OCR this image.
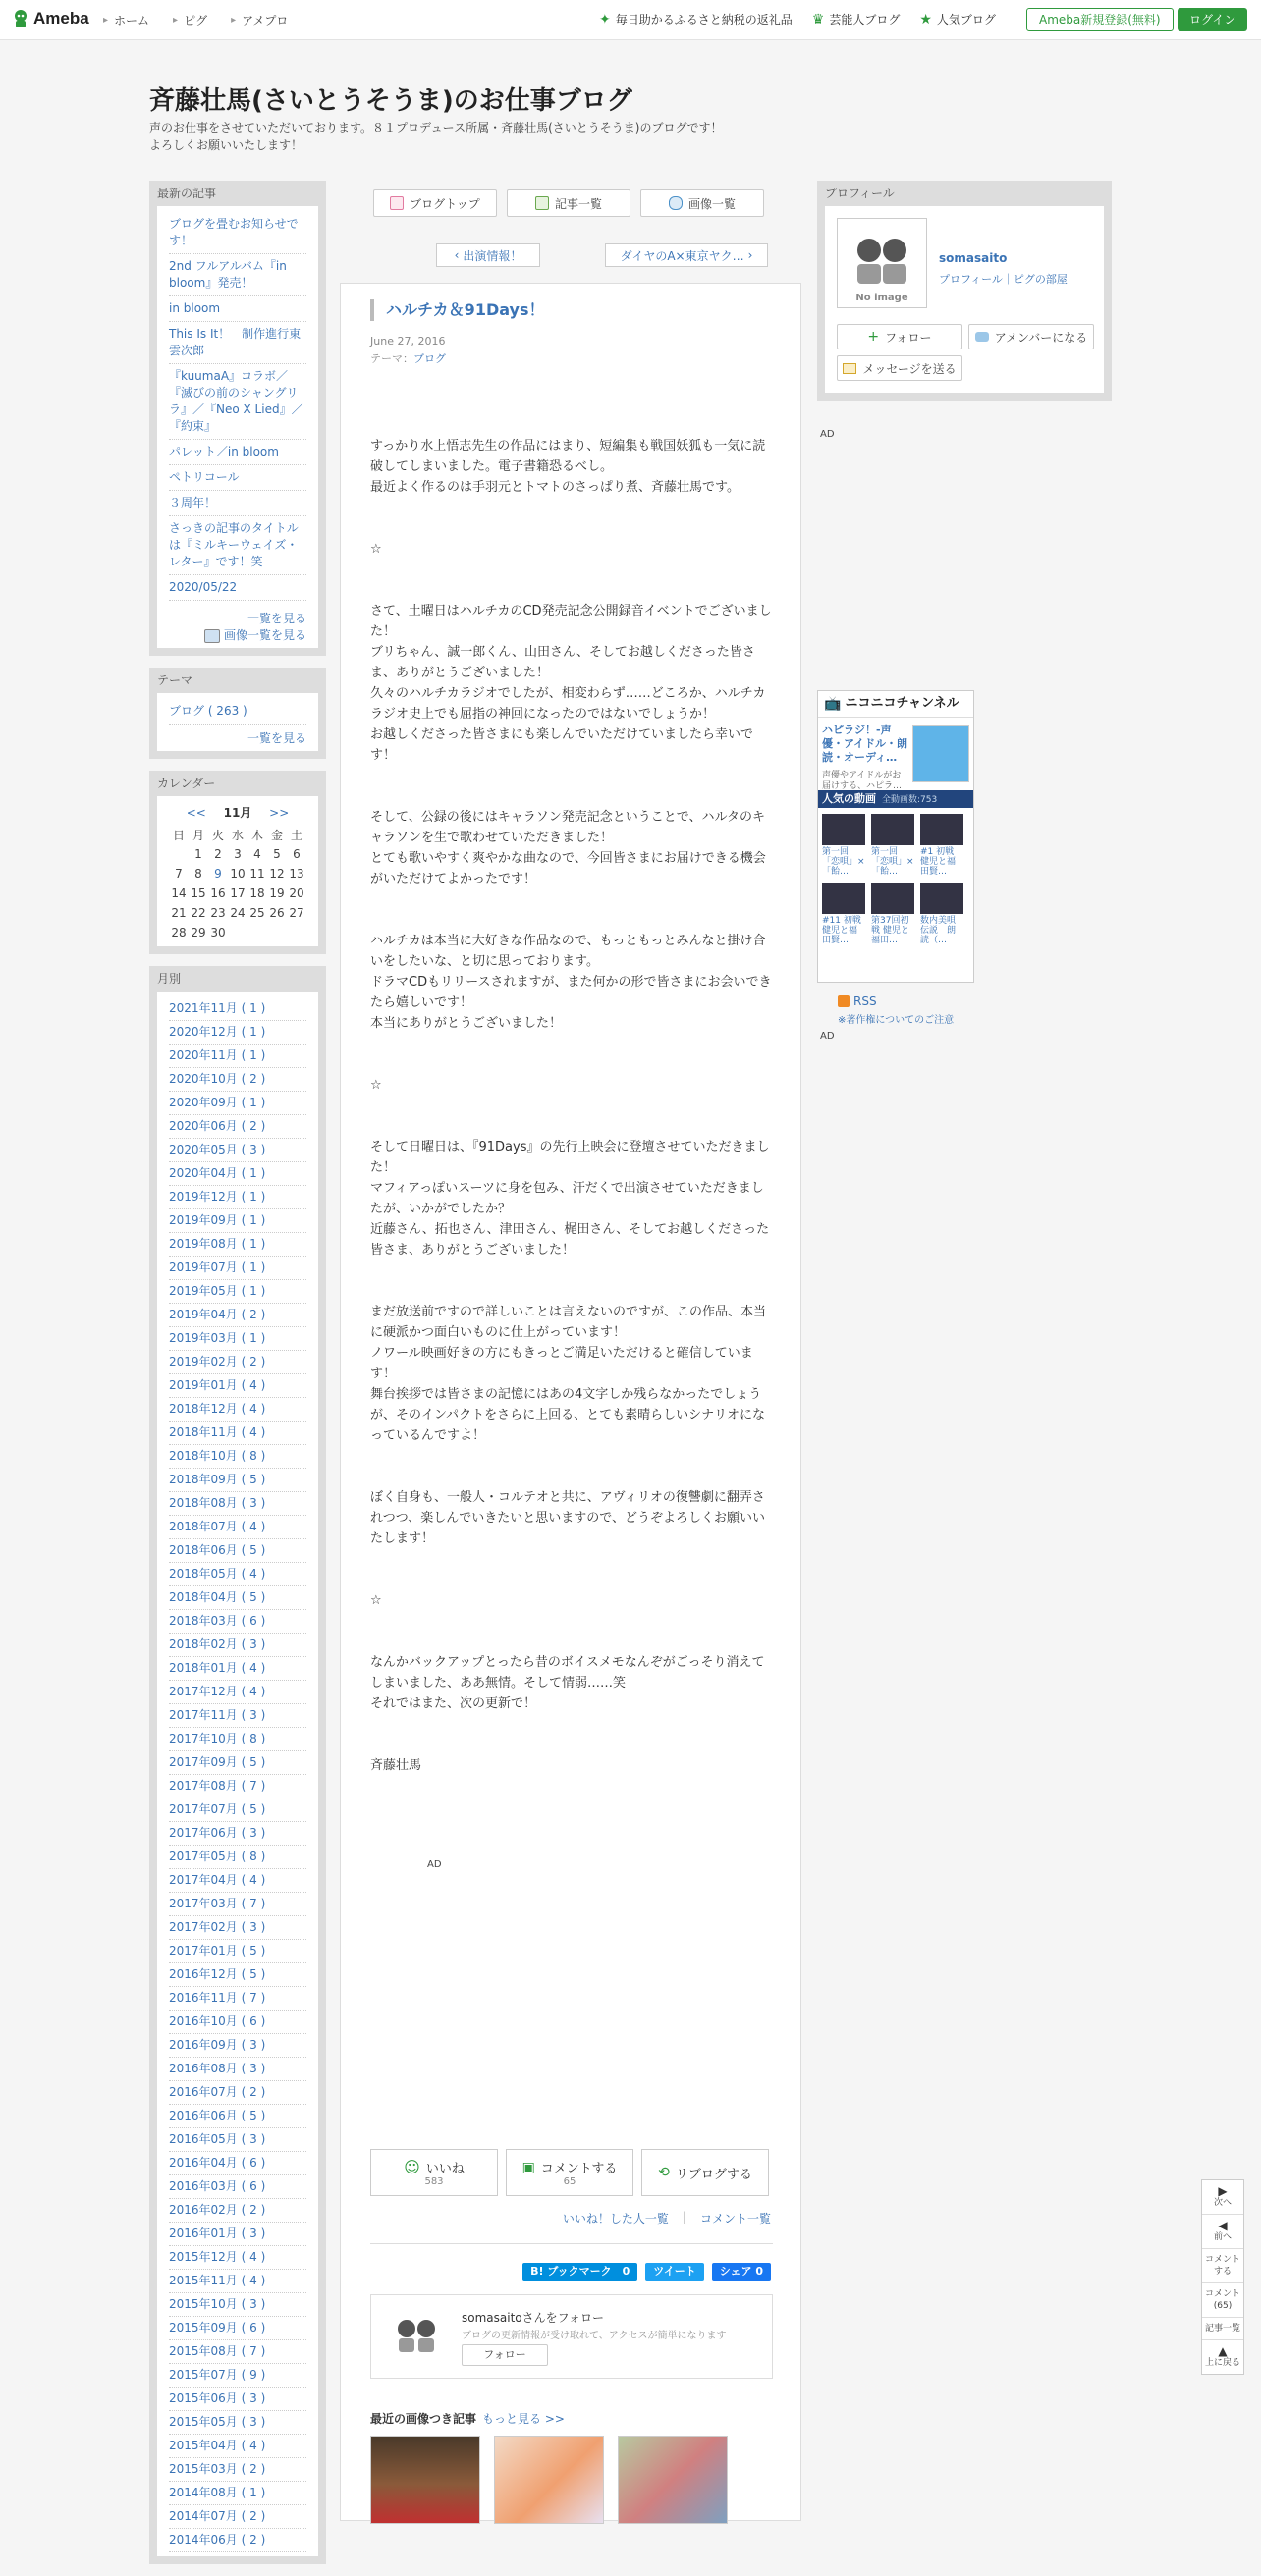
Ameba ▸ ホーム ▸ ピグ ▸ アメプロ	✦ 毎日助かるふるさと納税の返礼品 ♛ 芸能人ブログ ★ 人気ブログ	Ameba新規登録(無料)	ログイン
斉藤壮馬(さいとうそうま)のお仕事ブログ
声のお仕事をさせていただいております。８１プロデュース所属・斉藤壮馬(さいとうそうま)のブログです！
よろしくお願いいたします！
最新の記事
ブログを畳むお知らせです！
2nd フルアルバム『in bloom』発売！
in bloom
This Is It！　制作進行東雲次郎
『kuumaA』コラボ／『滅びの前のシャングリラ』／『Neo X Lied』／『約束』
パレット／in bloom
ペトリコール
３周年！
さっきの記事のタイトルは『ミルキーウェイズ・レター』です！笑
2020/05/22
一覧を見る
画像一覧を見る
テーマ
ブログ ( 263 )
一覧を見る
カレンダー
<< 11月 >>
日	月	火	水	木	金	土
	1	2	3	4	5	6
7	8	9	10	11	12	13
14	15	16	17	18	19	20
21	22	23	24	25	26	27
28	29	30				
月別
2021年11月 ( 1 )
2020年12月 ( 1 )
2020年11月 ( 1 )
2020年10月 ( 2 )
2020年09月 ( 1 )
2020年06月 ( 2 )
2020年05月 ( 3 )
2020年04月 ( 1 )
2019年12月 ( 1 )
2019年09月 ( 1 )
2019年08月 ( 1 )
2019年07月 ( 1 )
2019年05月 ( 1 )
2019年04月 ( 2 )
2019年03月 ( 1 )
2019年02月 ( 2 )
2019年01月 ( 4 )
2018年12月 ( 4 )
2018年11月 ( 4 )
2018年10月 ( 8 )
2018年09月 ( 5 )
2018年08月 ( 3 )
2018年07月 ( 4 )
2018年06月 ( 5 )
2018年05月 ( 4 )
2018年04月 ( 5 )
2018年03月 ( 6 )
2018年02月 ( 3 )
2018年01月 ( 4 )
2017年12月 ( 4 )
2017年11月 ( 3 )
2017年10月 ( 8 )
2017年09月 ( 5 )
2017年08月 ( 7 )
2017年07月 ( 5 )
2017年06月 ( 3 )
2017年05月 ( 8 )
2017年04月 ( 4 )
2017年03月 ( 7 )
2017年02月 ( 3 )
2017年01月 ( 5 )
2016年12月 ( 5 )
2016年11月 ( 7 )
2016年10月 ( 6 )
2016年09月 ( 3 )
2016年08月 ( 3 )
2016年07月 ( 2 )
2016年06月 ( 5 )
2016年05月 ( 3 )
2016年04月 ( 6 )
2016年03月 ( 6 )
2016年02月 ( 2 )
2016年01月 ( 3 )
2015年12月 ( 4 )
2015年11月 ( 4 )
2015年10月 ( 3 )
2015年09月 ( 6 )
2015年08月 ( 7 )
2015年07月 ( 9 )
2015年06月 ( 3 )
2015年05月 ( 3 )
2015年04月 ( 4 )
2015年03月 ( 2 )
2014年08月 ( 1 )
2014年07月 ( 2 )
2014年06月 ( 2 )
ブログトップ	記事一覧	画像一覧
‹ 出演情報！	ダイヤのA×東京ヤク… ›
ハルチカ＆91Days！
June 27, 2016
テーマ：ブログ

すっかり水上悟志先生の作品にはまり、短編集も戦国妖狐も一気に読破してしまいました。電子書籍恐るべし。
最近よく作るのは手羽元とトマトのさっぱり煮、斉藤壮馬です。

☆

さて、土曜日はハルチカのCD発売記念公開録音イベントでございました！
ブリちゃん、誠一郎くん、山田さん、そしてお越しくださった皆さま、ありがとうございました！
久々のハルチカラジオでしたが、相変わらず……どころか、ハルチカラジオ史上でも屈指の神回になったのではないでしょうか！
お越しくださった皆さまにも楽しんでいただけていましたら幸いです！

そして、公録の後にはキャラソン発売記念ということで、ハルタのキャラソンを生で歌わせていただきました！
とても歌いやすく爽やかな曲なので、今回皆さまにお届けできる機会がいただけてよかったです！

ハルチカは本当に大好きな作品なので、もっともっとみんなと掛け合いをしたいな、と切に思っております。
ドラマCDもリリースされますが、また何かの形で皆さまにお会いできたら嬉しいです！
本当にありがとうございました！

☆

そして日曜日は、『91Days』の先行上映会に登壇させていただきました！
マフィアっぽいスーツに身を包み、汗だくで出演させていただきましたが、いかがでしたか？
近藤さん、拓也さん、津田さん、梶田さん、そしてお越しくださった皆さま、ありがとうございました！

まだ放送前ですので詳しいことは言えないのですが、この作品、本当に硬派かつ面白いものに仕上がっています！
ノワール映画好きの方にもきっとご満足いただけると確信しています！
舞台挨拶では皆さまの記憶にはあの4文字しか残らなかったでしょうが、そのインパクトをさらに上回る、とても素晴らしいシナリオになっているんですよ！

ぼく自身も、一般人・コルテオと共に、アヴィリオの復讐劇に翻弄されつつ、楽しんでいきたいと思いますので、どうぞよろしくお願いいたします！

☆

なんかバックアップとったら昔のボイスメモなんぞがごっそり消えてしまいました、ああ無情。そして情弱……笑
それではまた、次の更新で！

斉藤壮馬

AD
☺ いいね
583
▣ コメントする
65
⟲ リブログする
いいね！した人一覧 | コメント一覧
B! ブックマーク　0	ツイート	シェア 0
somasaitoさんをフォロー
ブログの更新情報が受け取れて、アクセスが簡単になります
フォロー
最近の画像つき記事 もっと見る >>
プロフィール
No image
somasaito
プロフィール｜ピグの部屋
+ フォロー	アメンバーになる
メッセージを送る
AD
📺 ニコニコチャンネル
ハピラジ！-声優・アイドル・朗読・オーディ…
声優やアイドルがお届けする、ハピラ…
人気の動画 全動画数:753
第一回「恋唄」×「飴…
第一回「恋唄」×「飴…
#1 初戦 健児と福田賢…
#11 初戦 健児と福田賢…
第37回初戦 健児と福田…
数内美唄伝説　朗読（…
RSS
※著作権についてのご注意
AD
▶
次へ
◀
前へ
コメントする
コメント(65)
記事一覧
▲
上に戻る
